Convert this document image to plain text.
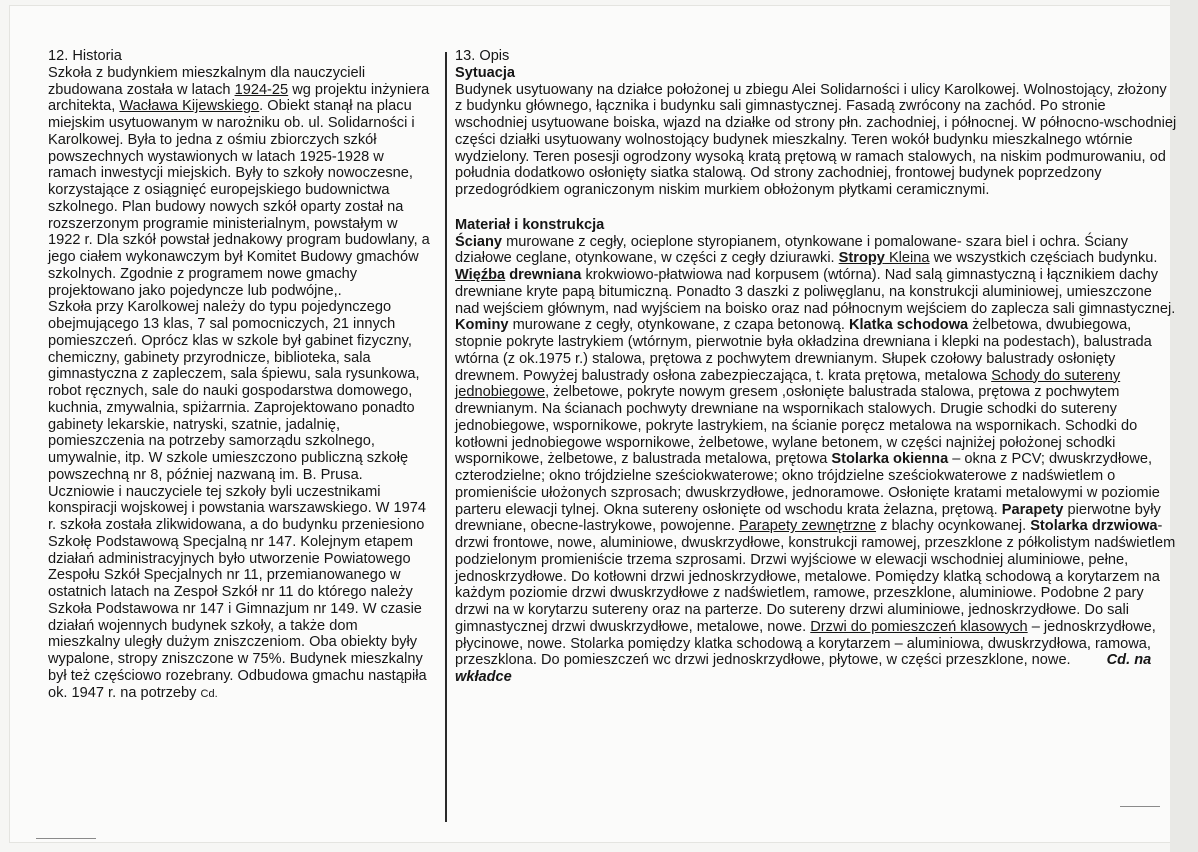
12. Historia

Szkoła z budynkiem mieszkalnym dla nauczycieli zbudowana została w latach 1924-25 wg projektu inżyniera architekta, Wacława Kijewskiego. Obiekt stanął na placu miejskim usytuowanym w narożniku ob. ul. Solidarności i Karolkowej. Była to jedna z ośmiu zbiorczych szkół powszechnych wystawionych w latach 1925-1928 w ramach inwestycji miejskich. Były to szkoły nowoczesne, korzystające z osiągnięć europejskiego budownictwa szkolnego. Plan budowy nowych szkół oparty został na rozszerzonym programie ministerialnym, powstałym w 1922 r. Dla szkół powstał jednakowy program budowlany, a jego ciałem wykonawczym był Komitet Budowy gmachów szkolnych. Zgodnie z programem nowe gmachy projektowano jako pojedyncze lub podwójne,.

Szkoła przy Karolkowej należy do typu pojedynczego obejmującego 13 klas, 7 sal pomocniczych, 21 innych pomieszczeń. Oprócz klas w szkole był gabinet fizyczny, chemiczny, gabinety przyrodnicze, biblioteka, sala gimnastyczna z zapleczem, sala śpiewu, sala rysunkowa, robot ręcznych, sale do nauki gospodarstwa domowego, kuchnia, zmywalnia, spiżarrnia. Zaprojektowano ponadto gabinety lekarskie, natryski, szatnie, jadalnię, pomieszczenia na potrzeby samorządu szkolnego, umywalnie, itp. W szkole umieszczono publiczną szkołę powszechną nr 8, później nazwaną im. B. Prusa.

Uczniowie i nauczyciele tej szkoły byli uczestnikami konspiracji wojskowej i powstania warszawskiego. W 1974 r. szkoła została zlikwidowana, a do budynku przeniesiono Szkołę Podstawową Specjalną nr 147. Kolejnym etapem działań administracyjnych było utworzenie Powiatowego Zespołu Szkół Specjalnych nr 11, przemianowanego w ostatnich latach na Zespoł Szkół nr 11 do którego należy Szkoła Podstawowa nr 147 i Gimnazjum nr 149. W czasie działań wojennych budynek szkoły, a także dom mieszkalny uległy dużym zniszczeniom. Oba obiekty były wypalone, stropy zniszczone w 75%. Budynek mieszkalny był też częściowo rozebrany. Odbudowa gmachu nastąpiła ok. 1947 r. na potrzeby Cd.

13. Opis
Sytuacja

Budynek usytuowany na działce położonej u zbiegu Alei Solidarności i ulicy Karolkowej. Wolnostojący, złożony z budynku głównego, łącznika i budynku sali gimnastycznej. Fasadą zwrócony na zachód. Po stronie wschodniej usytuowane boiska, wjazd na działke od strony płn. zachodniej, i północnej. W północno-wschodniej części działki usytuowany wolnostojący budynek mieszkalny. Teren wokół budynku mieszkalnego wtórnie wydzielony. Teren posesji ogrodzony wysoką kratą prętową w ramach stalowych, na niskim podmurowaniu, od południa dodatkowo osłonięty siatka stalową. Od strony zachodniej, frontowej budynek poprzedzony przedogródkiem ograniczonym niskim murkiem obłożonym płytkami ceramicznymi.

Materiał i konstrukcja

Ściany murowane z cegły, ocieplone styropianem, otynkowane i pomalowane- szara biel i ochra. Ściany działowe ceglane, otynkowane, w części z cegły dziurawki. Stropy Kleina we wszystkich częściach budynku. Więźba drewniana krokwiowo-płatwiowa nad korpusem (wtórna). Nad salą gimnastyczną i łącznikiem dachy drewniane kryte papą bitumiczną. Ponadto 3 daszki z poliwęglanu, na konstrukcji aluminiowej, umieszczone nad wejściem głównym, nad wyjściem na boisko oraz nad północnym wejściem do zaplecza sali gimnastycznej. Kominy murowane z cegły, otynkowane, z czapa betonową. Klatka schodowa żelbetowa, dwubiegowa, stopnie pokryte lastrykiem (wtórnym, pierwotnie była okładzina drewniana i klepki na podestach), balustrada wtórna (z ok.1975 r.) stalowa, prętowa z pochwytem drewnianym. Słupek czołowy balustrady osłonięty drewnem. Powyżej balustrady osłona zabezpieczająca, t. krata prętowa, metalowa Schody do sutereny jednobiegowe, żelbetowe, pokryte nowym gresem ,osłonięte balustrada stalowa, prętowa z pochwytem drewnianym. Na ścianach pochwyty drewniane na wspornikach stalowych. Drugie schodki do sutereny jednobiegowe, wspornikowe, pokryte lastrykiem, na ścianie poręcz metalowa na wspornikach. Schodki do kotłowni jednobiegowe wspornikowe, żelbetowe, wylane betonem, w części najniżej położonej schodki wspornikowe, żelbetowe, z balustrada metalowa, prętowa Stolarka okienna – okna z PCV; dwuskrzydłowe, czterodzielne; okno trójdzielne sześciokwaterowe; okno trójdzielne sześciokwaterowe z nadświetlem o promieniście ułożonych szprosach; dwuskrzydłowe, jednoramowe. Osłonięte kratami metalowymi w poziomie parteru elewacji tylnej. Okna sutereny osłonięte od wschodu krata żelazna, prętową. Parapety pierwotne były drewniane, obecne-lastrykowe, powojenne. Parapety zewnętrzne z blachy ocynkowanej. Stolarka drzwiowa- drzwi frontowe, nowe, aluminiowe, dwuskrzydłowe, konstrukcji ramowej, przeszklone z półkolistym nadświetlem podzielonym promieniście trzema szprosami. Drzwi wyjściowe w elewacji wschodniej aluminiowe, pełne, jednoskrzydłowe. Do kotłowni drzwi jednoskrzydłowe, metalowe. Pomiędzy klatką schodową a korytarzem na każdym poziomie drzwi dwuskrzydłowe z nadświetlem, ramowe, przeszklone, aluminiowe. Podobne 2 pary drzwi na w korytarzu sutereny oraz na parterze. Do sutereny drzwi aluminiowe, jednoskrzydłowe. Do sali gimnastycznej drzwi dwuskrzydłowe, metalowe, nowe. Drzwi do pomieszczeń klasowych – jednoskrzydłowe, płycinowe, nowe. Stolarka pomiędzy klatka schodową a korytarzem – aluminiowa, dwuskrzydłowa, ramowa, przeszklona. Do pomieszczeń wc drzwi jednoskrzydłowe, płytowe, w części przeszklone, nowe. Cd. na wkładce
